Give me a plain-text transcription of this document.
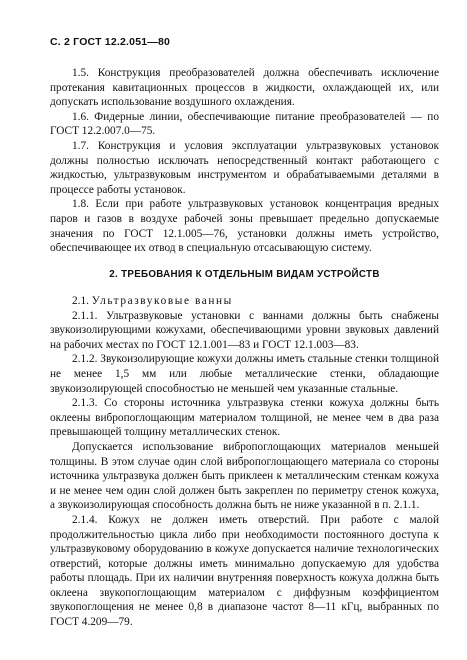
С. 2 ГОСТ 12.2.051—80

1.5. Конструкция преобразователей должна обеспечивать исключение протекания кавитационных процессов в жидкости, охлаждающей их, или допускать использование воздушного охлаждения.

1.6. Фидерные линии, обеспечивающие питание преобразователей — по ГОСТ 12.2.007.0—75.

1.7. Конструкция и условия эксплуатации ультразвуковых установок должны полностью исключать непосредственный контакт работающего с жидкостью, ультразвуковым инструментом и обрабатываемыми деталями в процессе работы установок.

1.8. Если при работе ультразвуковых установок концентрация вредных паров и газов в воздухе рабочей зоны превышает предельно допускаемые значения по ГОСТ 12.1.005—76, установки должны иметь устройство, обеспечивающее их отвод в специальную отсасывающую систему.

2. ТРЕБОВАНИЯ К ОТДЕЛЬНЫМ ВИДАМ УСТРОЙСТВ

2.1. Ультразвуковые ванны

2.1.1. Ультразвуковые установки с ваннами должны быть снабжены звукоизолирующими кожухами, обеспечивающими уровни звуковых давлений на рабочих местах по ГОСТ 12.1.001—83 и ГОСТ 12.1.003—83.

2.1.2. Звукоизолирующие кожухи должны иметь стальные стенки толщиной не менее 1,5 мм или любые металлические стенки, обладающие звукоизолирующей способностью не меньшей чем указанные стальные.

2.1.3. Со стороны источника ультразвука стенки кожуха должны быть оклеены вибропоглощающим материалом толщиной, не менее чем в два раза превышающей толщину металлических стенок.

Допускается использование вибропоглощающих материалов меньшей толщины. В этом случае один слой вибропоглощающего материала со стороны источника ультразвука должен быть приклеен к металлическим стенкам кожуха и не менее чем один слой должен быть закреплен по периметру стенок кожуха, а звукоизолирующая способность должна быть не ниже указанной в п. 2.1.1.

2.1.4. Кожух не должен иметь отверстий. При работе с малой продолжительностью цикла либо при необходимости постоянного доступа к ультразвуковому оборудованию в кожухе допускается наличие технологических отверстий, которые должны иметь минимально допускаемую для удобства работы площадь. При их наличии внутренняя поверхность кожуха должна быть оклеена звукопоглощающим материалом с диффузным коэффициентом звукопоглощения не менее 0,8 в диапазоне частот 8—11 кГц, выбранных по ГОСТ 4.209—79.
